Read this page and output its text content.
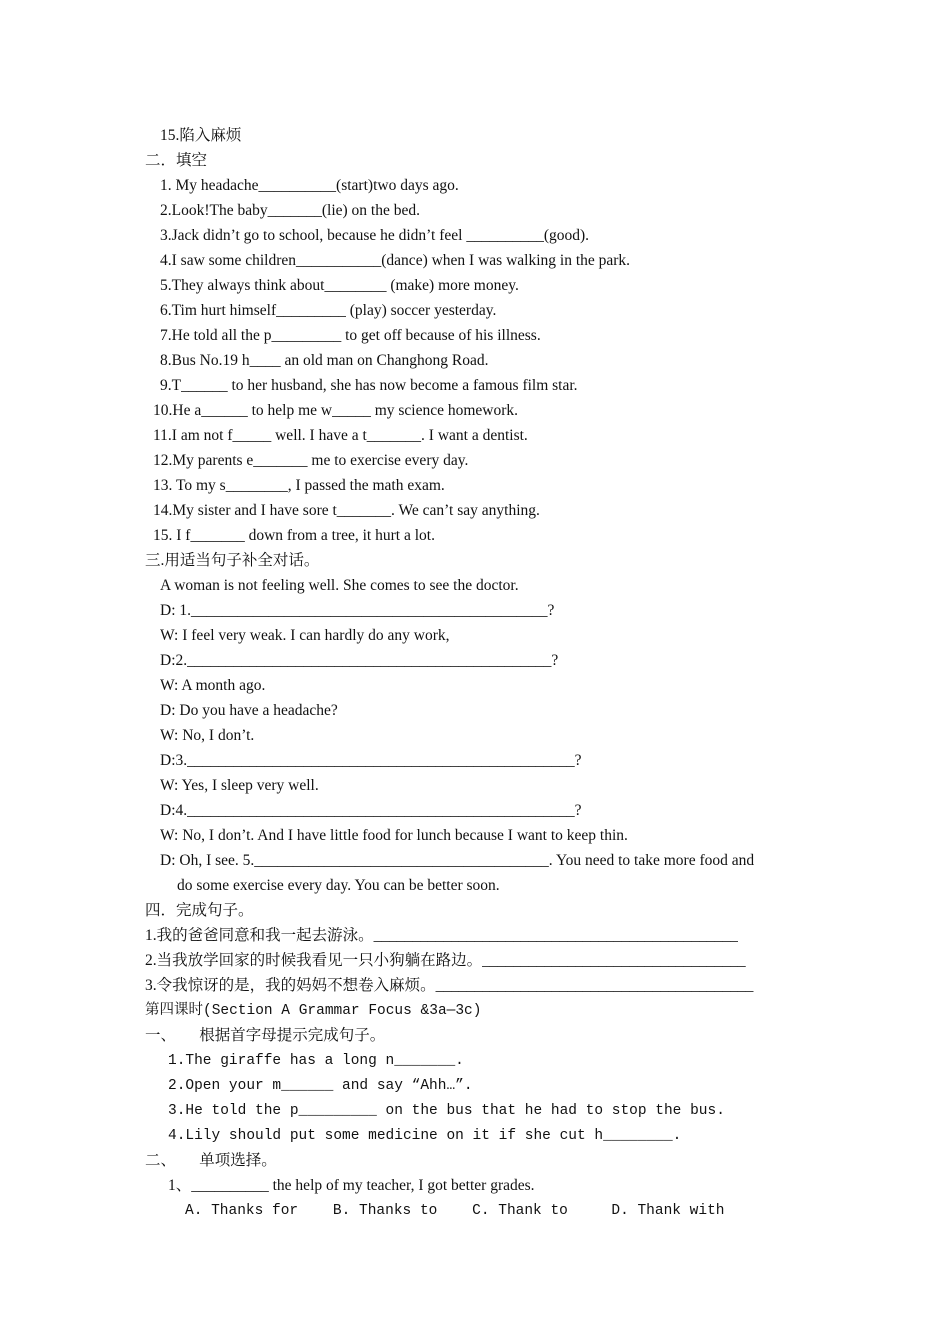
15.陷入麻烦
二．填空
1. My headache__________(start)two days ago.
2.Look!The baby_______(lie) on the bed.
3.Jack didn’t go to school, because he didn’t feel __________(good).
4.I saw some children___________(dance) when I was walking in the park.
5.They always think about________ (make) more money.
6.Tim hurt himself_________ (play) soccer yesterday.
7.He told all the p_________ to get off because of his illness.
8.Bus No.19 h____ an old man on Changhong Road.
9.T______ to her husband, she has now become a famous film star.
10.He a______ to help me w_____ my science homework.
11.I am not f_____ well. I have a t_______. I want a dentist.
12.My parents e_______ me to exercise every day.
13. To my s________, I passed the math exam.
14.My sister and I have sore t_______. We can’t say anything.
15. I f_______ down from a tree, it hurt a lot.
三.用适当句子补全对话。
A woman is not feeling well. She comes to see the doctor.
D: 1.______________________________________________?
W: I feel very weak. I can hardly do any work,
D:2._______________________________________________?
W: A month ago.
D: Do you have a headache?
W: No, I don’t.
D:3.__________________________________________________?
W: Yes, I sleep very well.
D:4.__________________________________________________?
W: No, I don’t. And I have little food for lunch because I want to keep thin.
D: Oh, I see. 5.______________________________________. You need to take more food and
do some exercise every day. You can be better soon.
四．完成句子。
1.我的爸爸同意和我一起去游泳。_______________________________________________
2.当我放学回家的时候我看见一只小狗躺在路边。__________________________________
3.令我惊讶的是，我的妈妈不想卷入麻烦。_________________________________________
第四课时(Section A Grammar Focus &3a—3c)
一、      根据首字母提示完成句子。
1.The giraffe has a long n_______.
2.Open your m______ and say “Ahh…”.
3.He told the p_________ on the bus that he had to stop the bus.
4.Lily should put some medicine on it if she cut h________.
二、      单项选择。
1、__________ the help of my teacher, I got better grades.
A. Thanks for    B. Thanks to    C. Thank to     D. Thank with
